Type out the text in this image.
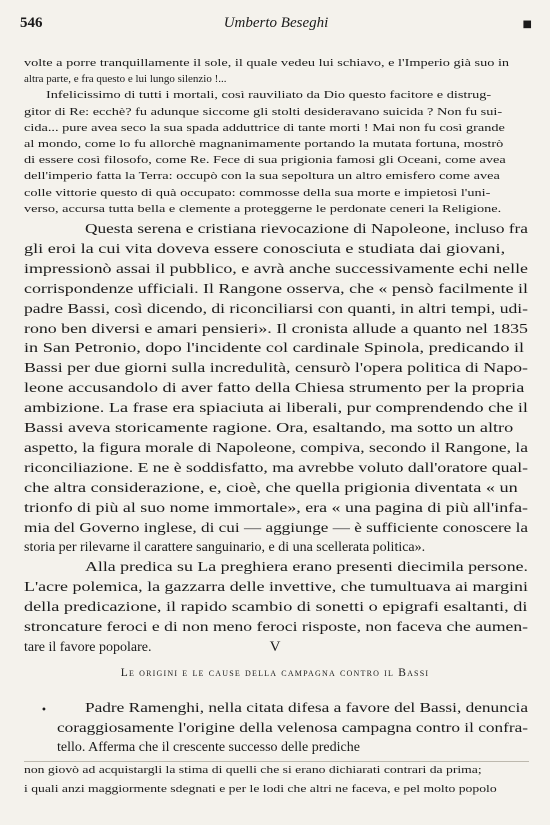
546	Umberto Beseghi	■
volte a porre tranquillamente il sole, il quale vedeu lui schiavo, e l'Imperio già suo in
altra parte, e fra questo e lui lungo silenzio !...
Infelicissimo di tutti i mortali, così rauviliato da Dio questo facitore e distrug-
gitor di Re: ecchè? fu adunque siccome gli stolti desideravano suicida ? Non fu sui-
cida... pure avea seco la sua spada adduttrice di tante morti ! Mai non fu così grande
al mondo, come lo fu allorchè magnanimamente portando la mutata fortuna, mostrò
di essere così filosofo, come Re. Fece di sua prigionia famosi gli Oceani, come avea
dell'imperio fatta la Terra: occupò con la sua sepoltura un altro emisfero come avea
colle vittorie questo di quà occupato: commosse della sua morte e impietosì l'uni-
verso, accursa tutta bella e clemente a proteggerne le perdonate ceneri la Religione.
Questa serena e cristiana rievocazione di Napoleone, incluso fra
gli eroi la cui vita doveva essere conosciuta e studiata dai giovani,
impressionò assai il pubblico, e avrà anche successivamente echi nelle
corrispondenze ufficiali. Il Rangone osserva, che « pensò facilmente il
padre Bassi, così dicendo, di riconciliarsi con quanti, in altri tempi, udi-
rono ben diversi e amari pensieri». Il cronista allude a quanto nel 1835
in San Petronio, dopo l'incidente col cardinale Spinola, predicando il
Bassi per due giorni sulla incredulità, censurò l'opera politica di Napo-
leone accusandolo di aver fatto della Chiesa strumento per la propria
ambizione. La frase era spiaciuta ai liberali, pur comprendendo che il
Bassi aveva storicamente ragione. Ora, esaltando, ma sotto un altro
aspetto, la figura morale di Napoleone, compiva, secondo il Rangone, la
riconciliazione. E ne è soddisfatto, ma avrebbe voluto dall'oratore qual-
che altra considerazione, e, cioè, che quella prigionia diventata « un
trionfo di più al suo nome immortale», era « una pagina di più all'infa-
mia del Governo inglese, di cui — aggiunge — è sufficiente conoscere la
storia per rilevarne il carattere sanguinario, e di una scellerata politica».
Alla predica su La preghiera erano presenti diecimila persone.
L'acre polemica, la gazzarra delle invettive, che tumultuava ai margini
della predicazione, il rapido scambio di sonetti o epigrafi esaltanti, di
stroncature feroci e di non meno feroci risposte, non faceva che aumen-
tare il favore popolare.
Padre Ramenghi, nella citata difesa a favore del Bassi, denuncia
coraggiosamente l'origine della velenosa campagna contro il confra-
tello. Afferma che il crescente successo delle prediche
non giovò ad acquistargli la stima di quelli che si erano dichiarati contrari da prima;
i quali anzi maggiormente sdegnati e per le lodi che altri ne faceva, e pel molto popolo
V
Le origini e le cause della campagna contro il Bassi
•
